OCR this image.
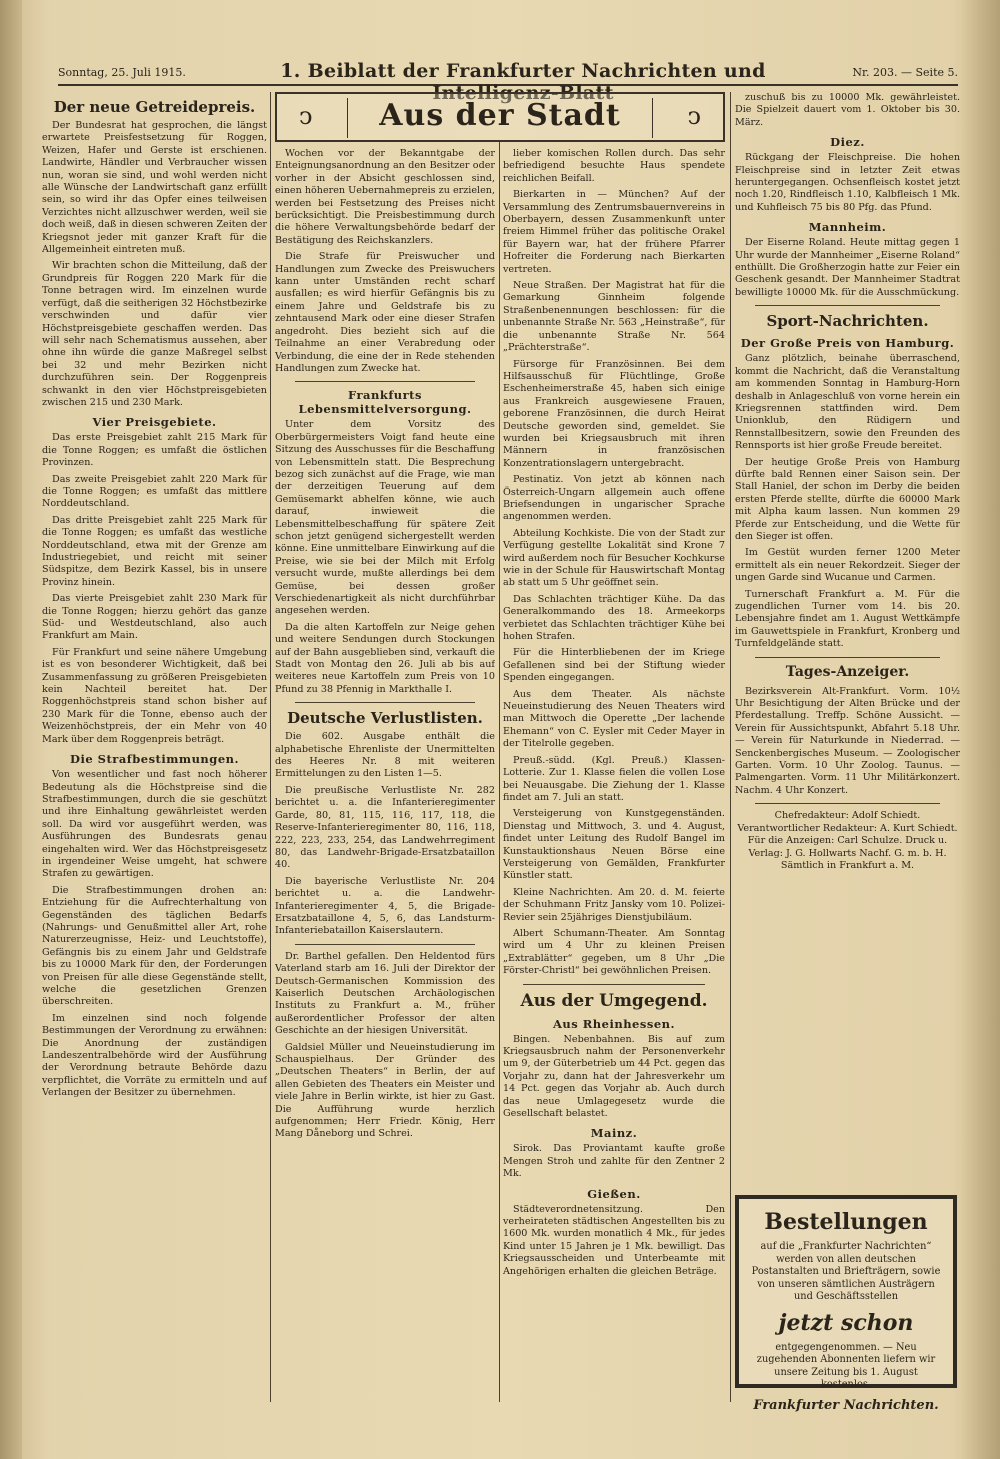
Sonntag, 25. Juli 1915.	1. Beiblatt der Frankfurter Nachrichten und Intelligenz-Blatt
Nr. 203. — Seite 5.
Der neue Getreidepreis.

Der Bundesrat hat gesprochen, die längst erwartete Preisfestsetzung für Roggen, Weizen, Hafer und Gerste ist erschienen. Landwirte, Händler und Verbraucher wissen nun, woran sie sind, und wohl werden nicht alle Wünsche der Landwirtschaft ganz erfüllt sein, so wird ihr das Opfer eines teilweisen Verzichtes nicht allzuschwer werden, weil sie doch weiß, daß in diesen schweren Zeiten der Kriegsnot jeder mit ganzer Kraft für die Allgemeinheit eintreten muß.

Wir brachten schon die Mitteilung, daß der Grundpreis für Roggen 220 Mark für die Tonne betragen wird. Im einzelnen wurde verfügt, daß die seitherigen 32 Höchstbezirke verschwinden und dafür vier Höchstpreisgebiete geschaffen werden. Das will sehr nach Schematismus aussehen, aber ohne ihn würde die ganze Maßregel selbst bei 32 und mehr Bezirken nicht durchzuführen sein. Der Roggenpreis schwankt in den vier Höchstpreisgebieten zwischen 215 und 230 Mark.

Vier Preisgebiete.

Das erste Preisgebiet zahlt 215 Mark für die Tonne Roggen; es umfaßt die östlichen Provinzen.

Das zweite Preisgebiet zahlt 220 Mark für die Tonne Roggen; es umfaßt das mittlere Norddeutschland.

Das dritte Preisgebiet zahlt 225 Mark für die Tonne Roggen; es umfaßt das westliche Norddeutschland, etwa mit der Grenze am Industriegebiet, und reicht mit seiner Südspitze, dem Bezirk Kassel, bis in unsere Provinz hinein.

Das vierte Preisgebiet zahlt 230 Mark für die Tonne Roggen; hierzu gehört das ganze Süd- und Westdeutschland, also auch Frankfurt am Main.

Für Frankfurt und seine nähere Umgebung ist es von besonderer Wichtigkeit, daß bei Zusammenfassung zu größeren Preisgebieten kein Nachteil bereitet hat. Der Roggenhöchstpreis stand schon bisher auf 230 Mark für die Tonne, ebenso auch der Weizenhöchstpreis, der ein Mehr von 40 Mark über dem Roggenpreis beträgt.

Die Strafbestimmungen.

Von wesentlicher und fast noch höherer Bedeutung als die Höchstpreise sind die Strafbestimmungen, durch die sie geschützt und ihre Einhaltung gewährleistet werden soll. Da wird vor ausgeführt werden, was Ausführungen des Bundesrats genau eingehalten wird. Wer das Höchstpreisgesetz in irgendeiner Weise umgeht, hat schwere Strafen zu gewärtigen.

Die Strafbestimmungen drohen an: Entziehung für die Aufrechterhaltung von Gegenständen des täglichen Bedarfs (Nahrungs- und Genußmittel aller Art, rohe Naturerzeugnisse, Heiz- und Leuchtstoffe), Gefängnis bis zu einem Jahr und Geldstrafe bis zu 10000 Mark für den, der Forderungen von Preisen für alle diese Gegenstände stellt, welche die gesetzlichen Grenzen überschreiten.

Im einzelnen sind noch folgende Bestimmungen der Verordnung zu erwähnen: Die Anordnung der zuständigen Landeszentralbehörde wird der Ausführung der Verordnung betraute Behörde dazu verpflichtet, die Vorräte zu ermitteln und auf Verlangen der Besitzer zu übernehmen.

ↄ	Aus der Stadt	ↄ

Wochen vor der Bekanntgabe der Enteignungsanordnung an den Besitzer oder vorher in der Absicht geschlossen sind, einen höheren Uebernahmepreis zu erzielen, werden bei Festsetzung des Preises nicht berücksichtigt. Die Preisbestimmung durch die höhere Verwaltungsbehörde bedarf der Bestätigung des Reichskanzlers.

Die Strafe für Preiswucher und Handlungen zum Zwecke des Preiswuchers kann unter Umständen recht scharf ausfallen; es wird hierfür Gefängnis bis zu einem Jahre und Geldstrafe bis zu zehntausend Mark oder eine dieser Strafen angedroht. Dies bezieht sich auf die Teilnahme an einer Verabredung oder Verbindung, die eine der in Rede stehenden Handlungen zum Zwecke hat.

Frankfurts Lebensmittelversorgung.

Unter dem Vorsitz des Oberbürgermeisters Voigt fand heute eine Sitzung des Ausschusses für die Beschaffung von Lebensmitteln statt. Die Besprechung bezog sich zunächst auf die Frage, wie man der derzeitigen Teuerung auf dem Gemüsemarkt abhelfen könne, wie auch darauf, inwieweit die Lebensmittelbeschaffung für spätere Zeit schon jetzt genügend sichergestellt werden könne. Eine unmittelbare Einwirkung auf die Preise, wie sie bei der Milch mit Erfolg versucht wurde, mußte allerdings bei dem Gemüse, bei dessen großer Verschiedenartigkeit als nicht durchführbar angesehen werden.

Da die alten Kartoffeln zur Neige gehen und weitere Sendungen durch Stockungen auf der Bahn ausgeblieben sind, verkauft die Stadt von Montag den 26. Juli ab bis auf weiteres neue Kartoffeln zum Preis von 10 Pfund zu 38 Pfennig in Markthalle I.

Deutsche Verlustlisten.

Die 602. Ausgabe enthält die alphabetische Ehrenliste der Unermittelten des Heeres Nr. 8 mit weiteren Ermittelungen zu den Listen 1—5.

Die preußische Verlustliste Nr. 282 berichtet u. a. die Infanterieregimenter Garde, 80, 81, 115, 116, 117, 118, die Reserve-Infanterieregimenter 80, 116, 118, 222, 223, 233, 254, das Landwehrregiment 80, das Landwehr-Brigade-Ersatzbataillon 40.

Die bayerische Verlustliste Nr. 204 berichtet u. a. die Landwehr-Infanterieregimenter 4, 5, die Brigade-Ersatzbataillone 4, 5, 6, das Landsturm-Infanteriebataillon Kaiserslautern.

Dr. Barthel gefallen. Den Heldentod fürs Vaterland starb am 16. Juli der Direktor der Deutsch-Germanischen Kommission des Kaiserlich Deutschen Archäologischen Instituts zu Frankfurt a. M., früher außerordentlicher Professor der alten Geschichte an der hiesigen Universität.

Galdsiel Müller und Neueinstudierung im Schauspielhaus. Der Gründer des „Deutschen Theaters“ in Berlin, der auf allen Gebieten des Theaters ein Meister und viele Jahre in Berlin wirkte, ist hier zu Gast. Die Aufführung wurde herzlich aufgenommen; Herr Friedr. König, Herr Mang Dåneborg und Schrei.

lieber komischen Rollen durch. Das sehr befriedigend besuchte Haus spendete reichlichen Beifall.

Bierkarten in — München? Auf der Versammlung des Zentrumsbauernvereins in Oberbayern, dessen Zusammenkunft unter freiem Himmel früher das politische Orakel für Bayern war, hat der frühere Pfarrer Hofreiter die Forderung nach Bierkarten vertreten.

Neue Straßen. Der Magistrat hat für die Gemarkung Ginnheim folgende Straßenbenennungen beschlossen: für die unbenannte Straße Nr. 563 „Heinstraße“, für die unbenannte Straße Nr. 564 „Prächterstraße“.

Fürsorge für Französinnen. Bei dem Hilfsausschuß für Flüchtlinge, Große Eschenheimerstraße 45, haben sich einige aus Frankreich ausgewiesene Frauen, geborene Französinnen, die durch Heirat Deutsche geworden sind, gemeldet. Sie wurden bei Kriegsausbruch mit ihren Männern in französischen Konzentrationslagern untergebracht.

Pestinatiz. Von jetzt ab können nach Österreich-Ungarn allgemein auch offene Briefsendungen in ungarischer Sprache angenommen werden.

Abteilung Kochkiste. Die von der Stadt zur Verfügung gestellte Lokalität sind Krone 7 wird außerdem noch für Besucher Kochkurse wie in der Schule für Hauswirtschaft Montag ab statt um 5 Uhr geöffnet sein.

Das Schlachten trächtiger Kühe. Da das Generalkommando des 18. Armeekorps verbietet das Schlachten trächtiger Kühe bei hohen Strafen.

Für die Hinterbliebenen der im Kriege Gefallenen sind bei der Stiftung wieder Spenden eingegangen.

Aus dem Theater. Als nächste Neueinstudierung des Neuen Theaters wird man Mittwoch die Operette „Der lachende Ehemann“ von C. Eysler mit Ceder Mayer in der Titelrolle gegeben.

Preuß.-südd. (Kgl. Preuß.) Klassen-Lotterie. Zur 1. Klasse fielen die vollen Lose bei Neuausgabe. Die Ziehung der 1. Klasse findet am 7. Juli an statt.

Versteigerung von Kunstgegenständen. Dienstag und Mittwoch, 3. und 4. August, findet unter Leitung des Rudolf Bangel im Kunstauktionshaus Neuen Börse eine Versteigerung von Gemälden, Frankfurter Künstler statt.

Kleine Nachrichten. Am 20. d. M. feierte der Schuhmann Fritz Jansky vom 10. Polizei-Revier sein 25jähriges Dienstjubiläum.

Albert Schumann-Theater. Am Sonntag wird um 4 Uhr zu kleinen Preisen „Extrablätter“ gegeben, um 8 Uhr „Die Förster-Christl“ bei gewöhnlichen Preisen.

Aus der Umgegend.
Aus Rheinhessen.

Bingen. Nebenbahnen. Bis auf zum Kriegsausbruch nahm der Personenverkehr um 9, der Güterbetrieb um 44 Pct. gegen das Vorjahr zu, dann hat der Jahresverkehr um 14 Pct. gegen das Vorjahr ab. Auch durch das neue Umlagegesetz wurde die Gesellschaft belastet.

Mainz.

Sirok. Das Proviantamt kaufte große Mengen Stroh und zahlte für den Zentner 2 Mk.

Gießen.

Städteverordnetensitzung. Den verheirateten städtischen Angestellten bis zu 1600 Mk. wurden monatlich 4 Mk., für jedes Kind unter 15 Jahren je 1 Mk. bewilligt. Das Kriegsausscheiden und Unterbeamte mit Angehörigen erhalten die gleichen Beträge.

zuschuß bis zu 10000 Mk. gewährleistet. Die Spielzeit dauert vom 1. Oktober bis 30. März.

Diez.

Rückgang der Fleischpreise. Die hohen Fleischpreise sind in letzter Zeit etwas heruntergegangen. Ochsenfleisch kostet jetzt noch 1.20, Rindfleisch 1.10, Kalbfleisch 1 Mk. und Kuhfleisch 75 bis 80 Pfg. das Pfund.

Mannheim.

Der Eiserne Roland. Heute mittag gegen 1 Uhr wurde der Mannheimer „Eiserne Roland“ enthüllt. Die Großherzogin hatte zur Feier ein Geschenk gesandt. Der Mannheimer Stadtrat bewilligte 10000 Mk. für die Ausschmückung.

Sport-Nachrichten.
Der Große Preis von Hamburg.

Ganz plötzlich, beinahe überraschend, kommt die Nachricht, daß die Veranstaltung am kommenden Sonntag in Hamburg-Horn deshalb in Anlageschluß von vorne herein ein Kriegsrennen stattfinden wird. Dem Unionklub, den Rüdigern und Rennstallbesitzern, sowie den Freunden des Rennsports ist hier große Freude bereitet.

Der heutige Große Preis von Hamburg dürfte bald Rennen einer Saison sein. Der Stall Haniel, der schon im Derby die beiden ersten Pferde stellte, dürfte die 60000 Mark mit Alpha kaum lassen. Nun kommen 29 Pferde zur Entscheidung, und die Wette für den Sieger ist offen.

Im Gestüt wurden ferner 1200 Meter ermittelt als ein neuer Rekordzeit. Sieger der ungen Garde sind Wucanue und Carmen.

Turnerschaft Frankfurt a. M. Für die zugendlichen Turner vom 14. bis 20. Lebensjahre findet am 1. August Wettkämpfe im Gauwettspiele in Frankfurt, Kronberg und Turnfeldgelände statt.

Tages-Anzeiger.

Bezirksverein Alt-Frankfurt. Vorm. 10½ Uhr Besichtigung der Alten Brücke und der Pferdestallung. Treffp. Schöne Aussicht. — Verein für Aussichtspunkt, Abfahrt 5.18 Uhr. — Verein für Naturkunde in Niederrad. — Senckenbergisches Museum. — Zoologischer Garten. Vorm. 10 Uhr Zoolog. Taunus. — Palmengarten. Vorm. 11 Uhr Militärkonzert. Nachm. 4 Uhr Konzert.

Chefredakteur: Adolf Schiedt. Verantwortlicher Redakteur: A. Kurt Schiedt. Für die Anzeigen: Carl Schulze. Druck u. Verlag: J. G. Hollwarts Nachf. G. m. b. H. Sämtlich in Frankfurt a. M.

Bestellungen
auf die „Frankfurter Nachrichten“ werden von allen deutschen Postanstalten und Briefträgern, sowie von unseren sämtlichen Austrägern und Geschäftsstellen
jetzt schon
entgegengenommen. — Neu zugehenden Abonnenten liefern wir unsere Zeitung bis 1. August kostenlos.
Frankfurter Nachrichten.
